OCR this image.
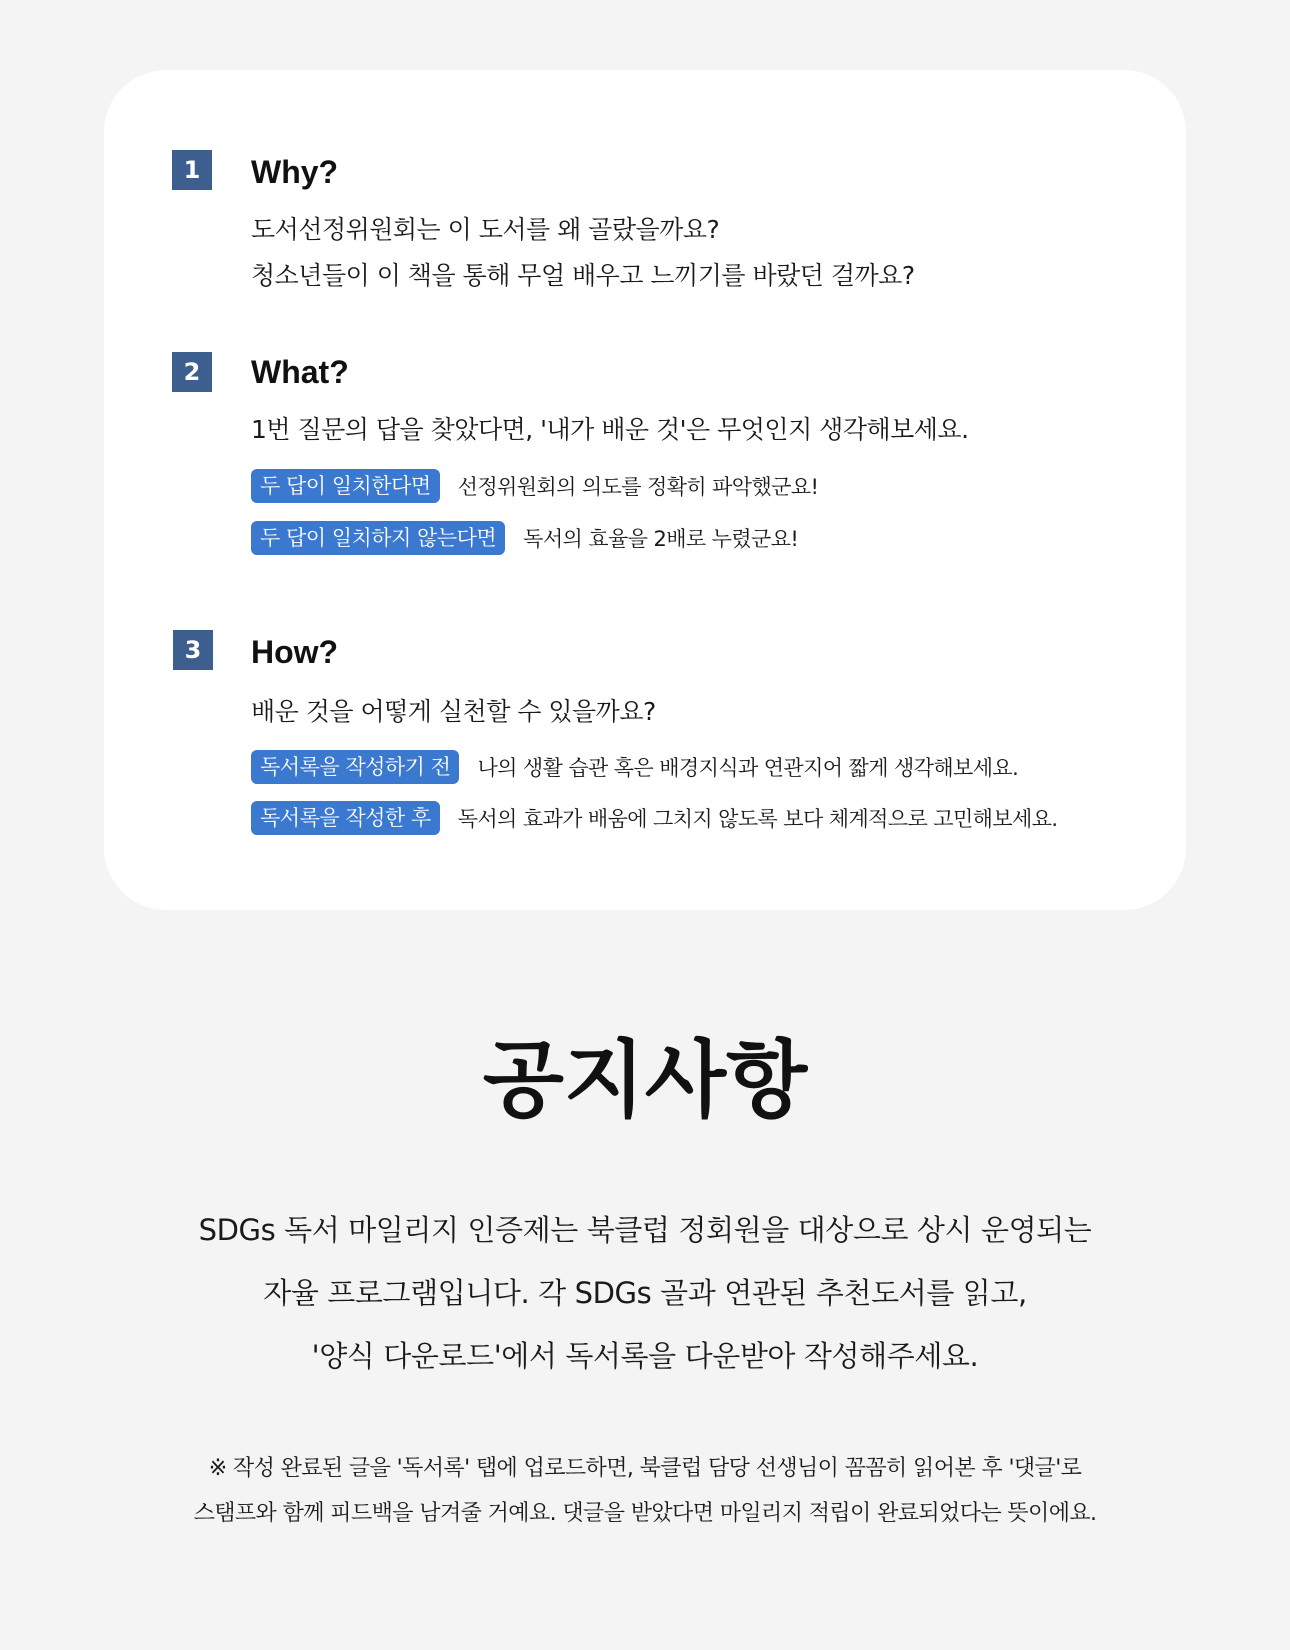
1	Why?
도서선정위원회는 이 도서를 왜 골랐을까요?
청소년들이 이 책을 통해 무얼 배우고 느끼기를 바랐던 걸까요?
2	What?
1번 질문의 답을 찾았다면, '내가 배운 것'은 무엇인지 생각해보세요.
두 답이 일치한다면	선정위원회의 의도를 정확히 파악했군요!
두 답이 일치하지 않는다면	독서의 효율을 2배로 누렸군요!
3	How?
배운 것을 어떻게 실천할 수 있을까요?
독서록을 작성하기 전	나의 생활 습관 혹은 배경지식과 연관지어 짧게 생각해보세요.
독서록을 작성한 후	독서의 효과가 배움에 그치지 않도록 보다 체계적으로 고민해보세요.
공지사항
SDGs 독서 마일리지 인증제는 북클럽 정회원을 대상으로 상시 운영되는
자율 프로그램입니다. 각 SDGs 골과 연관된 추천도서를 읽고,
'양식 다운로드'에서 독서록을 다운받아 작성해주세요.
※ 작성 완료된 글을 '독서록' 탭에 업로드하면, 북클럽 담당 선생님이 꼼꼼히 읽어본 후 '댓글'로
스탬프와 함께 피드백을 남겨줄 거예요. 댓글을 받았다면 마일리지 적립이 완료되었다는 뜻이에요.
